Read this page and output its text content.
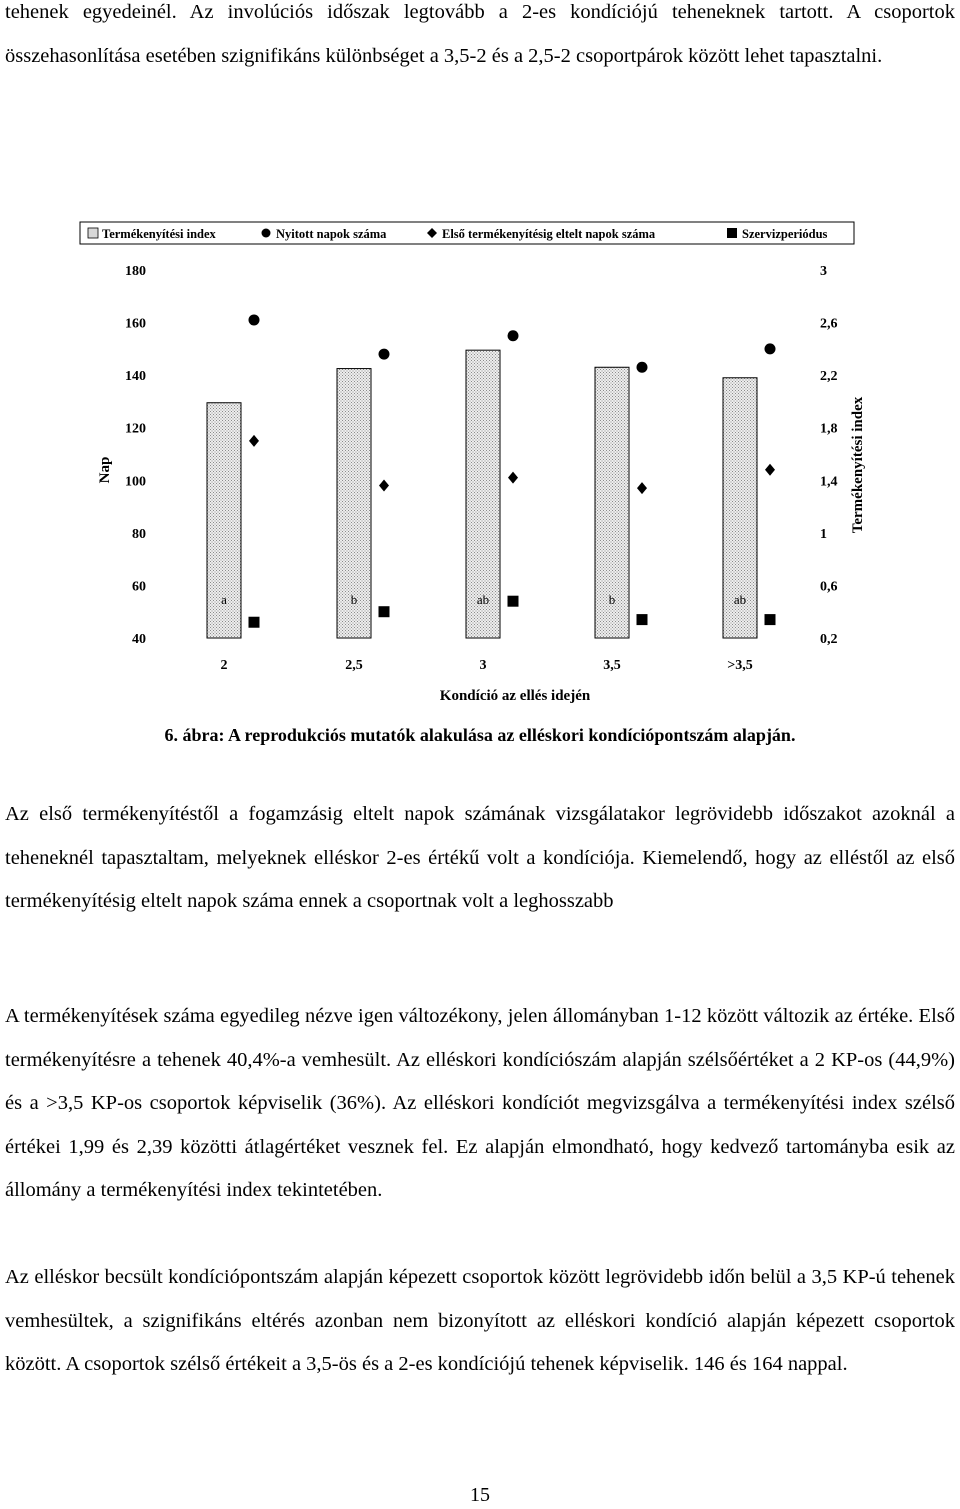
tehenek egyedeinél. Az involúciós időszak legtovább a 2-es kondíciójú teheneknek tartott. A csoportok összehasonlítása esetében szignifikáns különbséget a 3,5-2 és a 2,5-2 csoportpárok között lehet tapasztalni.

Termékenyítési index	Nyitott napok száma	Első termékenyítésig eltelt napok száma	Szervizperiódus
40
60
80
100
120
140
160
180
0,2
0,6
1
1,4
1,8
2,2
2,6
3
Nap	Termékenyítési index
a	b	ab	b	ab
2	2,5	3	3,5	>3,5
Kondíció az ellés idején
6. ábra: A reprodukciós mutatók alakulása az elléskori kondíciópontszám alapján.

Az első termékenyítéstől a fogamzásig eltelt napok számának vizsgálatakor legrövidebb időszakot azoknál a teheneknél tapasztaltam, melyeknek elléskor 2-es értékű volt a kondíciója. Kiemelendő, hogy az elléstől az első termékenyítésig eltelt napok száma ennek a csoportnak volt a leghosszabb

A termékenyítések száma egyedileg nézve igen változékony, jelen állományban 1-12 között változik az értéke. Első termékenyítésre a tehenek 40,4%-a vemhesült. Az elléskori kondíciószám alapján szélsőértéket a 2 KP-os (44,9%) és a >3,5 KP-os csoportok képviselik (36%). Az elléskori kondíciót megvizsgálva a termékenyítési index szélső értékei 1,99 és 2,39 közötti átlagértéket vesznek fel. Ez alapján elmondható, hogy kedvező tartományba esik az állomány a termékenyítési index tekintetében.

Az elléskor becsült kondíciópontszám alapján képezett csoportok között legrövidebb időn belül a 3,5 KP-ú tehenek vemhesültek, a szignifikáns eltérés azonban nem bizonyított az elléskori kondíció alapján képezett csoportok között. A csoportok szélső értékeit a 3,5-ös és a 2-es kondíciójú tehenek képviselik. 146 és 164 nappal.

15
